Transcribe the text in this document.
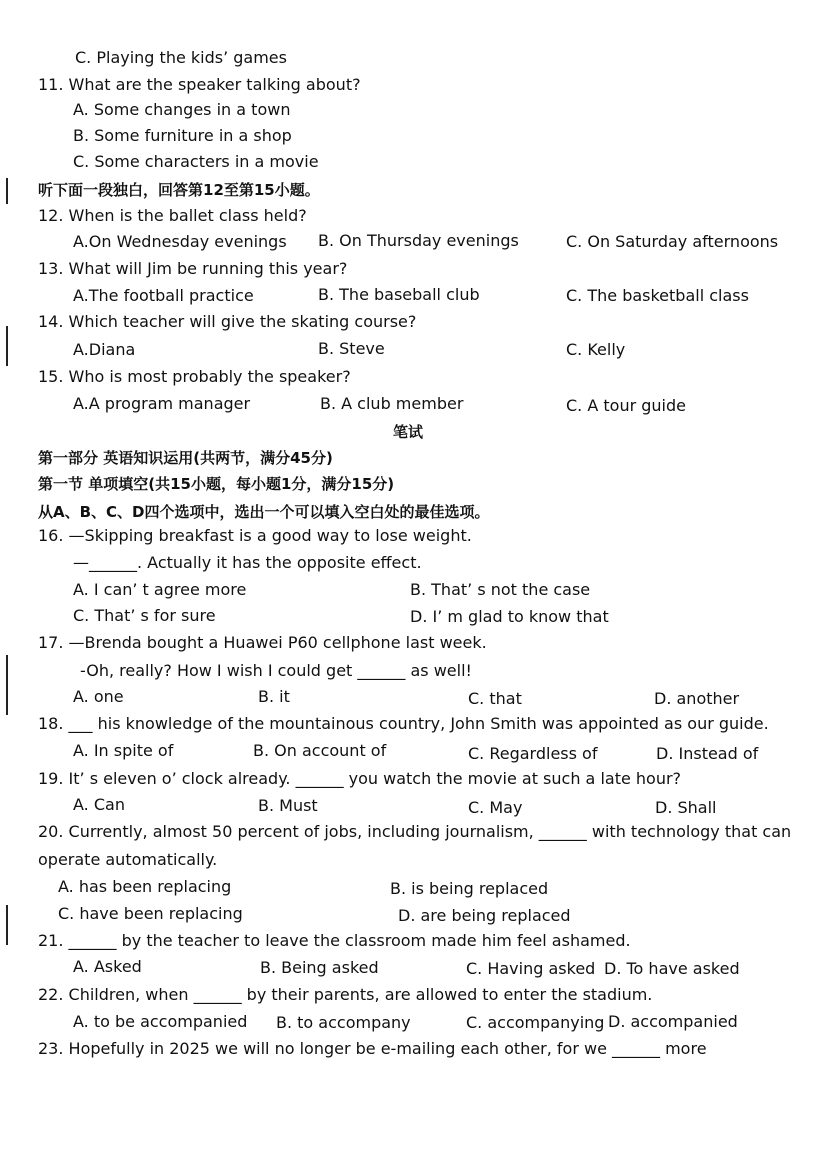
C. Playing the kids’ games
11. What are the speaker talking about?
A. Some changes in a town
B. Some furniture in a shop
C. Some characters in a movie
听下面一段独白，回答第12至第15小题。
12. When is the ballet class held?
A.On Wednesday evenings B. On Thursday evenings	C. On Saturday afternoons
13. What will Jim be running this year?
A.The football practice	B. The baseball club	C. The basketball class
14. Which teacher will give the skating course?
A.Diana	B. Steve	C. Kelly
15. Who is most probably the speaker?
A.A program manager	B. A club member	C. A tour guide
笔试
第一部分 英语知识运用(共两节，满分45分)
第一节 单项填空(共15小题，每小题1分，满分15分)
从A、B、C、D四个选项中，选出一个可以填入空白处的最佳选项。
16. —Skipping breakfast is a good way to lose weight.
—______. Actually it has the opposite effect.
A. I can’ t agree more	B. That’ s not the case
C. That’ s for sure	D. I’ m glad to know that
17. —Brenda bought a Huawei P60 cellphone last week.
-Oh, really? How I wish I could get ______ as well!
A. one	B. it	C. that	D. another
18. ___ his knowledge of the mountainous country, John Smith was appointed as our guide.
A. In spite of	B. On account of	C. Regardless of	D. Instead of
19. It’ s eleven o’ clock already. ______ you watch the movie at such a late hour?
A. Can	B. Must	C. May	D. Shall
20. Currently, almost 50 percent of jobs, including journalism, ______ with technology that can
operate automatically.
A. has been replacing	B. is being replaced
C. have been replacing	D. are being replaced
21. ______ by the teacher to leave the classroom made him feel ashamed.
A. Asked	B. Being asked	C. Having asked D. To have asked
22. Children, when ______ by their parents, are allowed to enter the stadium.
A. to be accompanied B. to accompany	C. accompanying D. accompanied
23. Hopefully in 2025 we will no longer be e-mailing each other, for we ______ more
